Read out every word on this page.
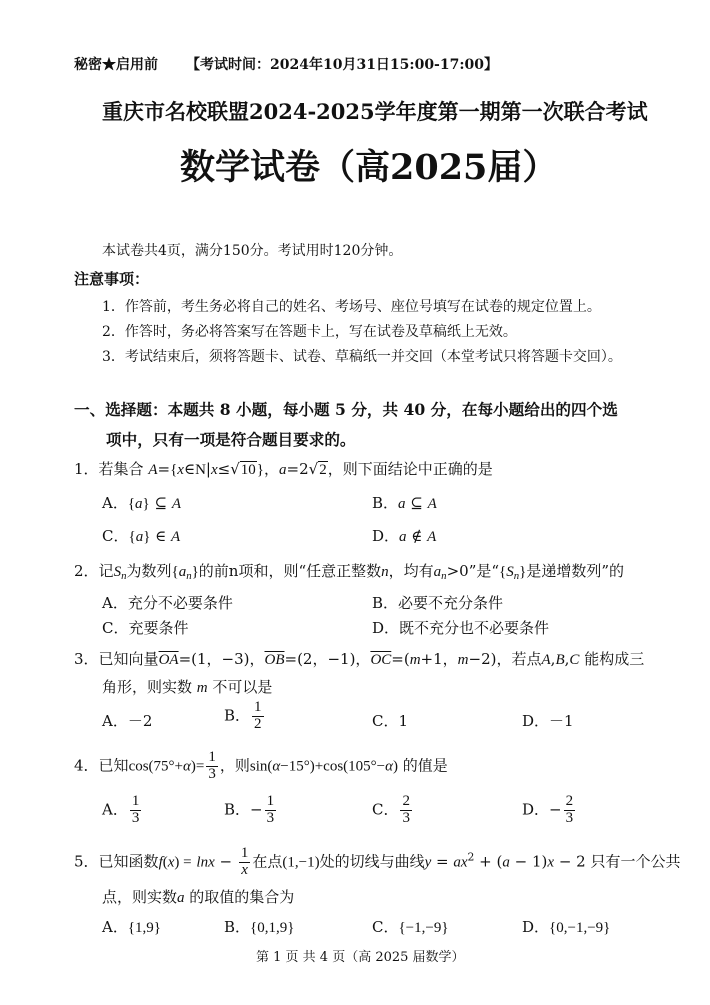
秘密★启用前 【考试时间：2024年10月31日15:00-17:00】
重庆市名校联盟2024-2025学年度第一期第一次联合考试
数学试卷（高2025届）
本试卷共4页，满分150分。考试用时120分钟。
注意事项：
1．作答前，考生务必将自己的姓名、考场号、座位号填写在试卷的规定位置上。
2．作答时，务必将答案写在答题卡上，写在试卷及草稿纸上无效。
3．考试结束后，须将答题卡、试卷、草稿纸一并交回（本堂考试只将答题卡交回）。
一、选择题：本题共 8 小题，每小题 5 分，共 40 分，在每小题给出的四个选
项中，只有一项是符合题目要求的。
1．若集合 A={x∈N|x≤√10}，a=2√2，则下面结论中正确的是
A．{a} ⊆ A	B．a ⊆ A
C．{a} ∈ A	D．a ∉ A
2．记$S_n$为数列$\{a_n\}$的前n项和，则“任意正整数n，均有$a_n>0$”是“$\{S_n\}$是递增数列”的
A．充分不必要条件	B．必要不充分条件
C．充要条件	D．既不充分也不必要条件
3．已知向量$\overline{OA}=(1$，−3)，$\overline{OB}=(2$，−1)，$\overline{OC}=(m+1$，m−2)，若点A,B,C 能构成三
角形，则实数 m 不可以是
A．－2	B． $\frac{1}{2}$	C．1	D．－1
4．已知$\cos(75^\circ+\alpha)= \frac{1}{3}$ ，则sin(α−15°)+cos(105°−α) 的值是
A． $\frac{1}{3}$	B．− $\frac{1}{3}$	C． $\frac{2}{3}$	D．− $\frac{2}{3}$
5．已知函数$f(x) = \ln x - \frac{1}{x}$ 在点(1,−1)处的切线与曲线$y = ax^2 + (a - 1)x - 2$ 只有一个公共
点，则实数a 的取值的集合为
A．{1,9}	B．{0,1,9}	C．{−1,−9}	D．{0,−1,−9}
第 1 页 共 4 页（高 2025 届数学）
